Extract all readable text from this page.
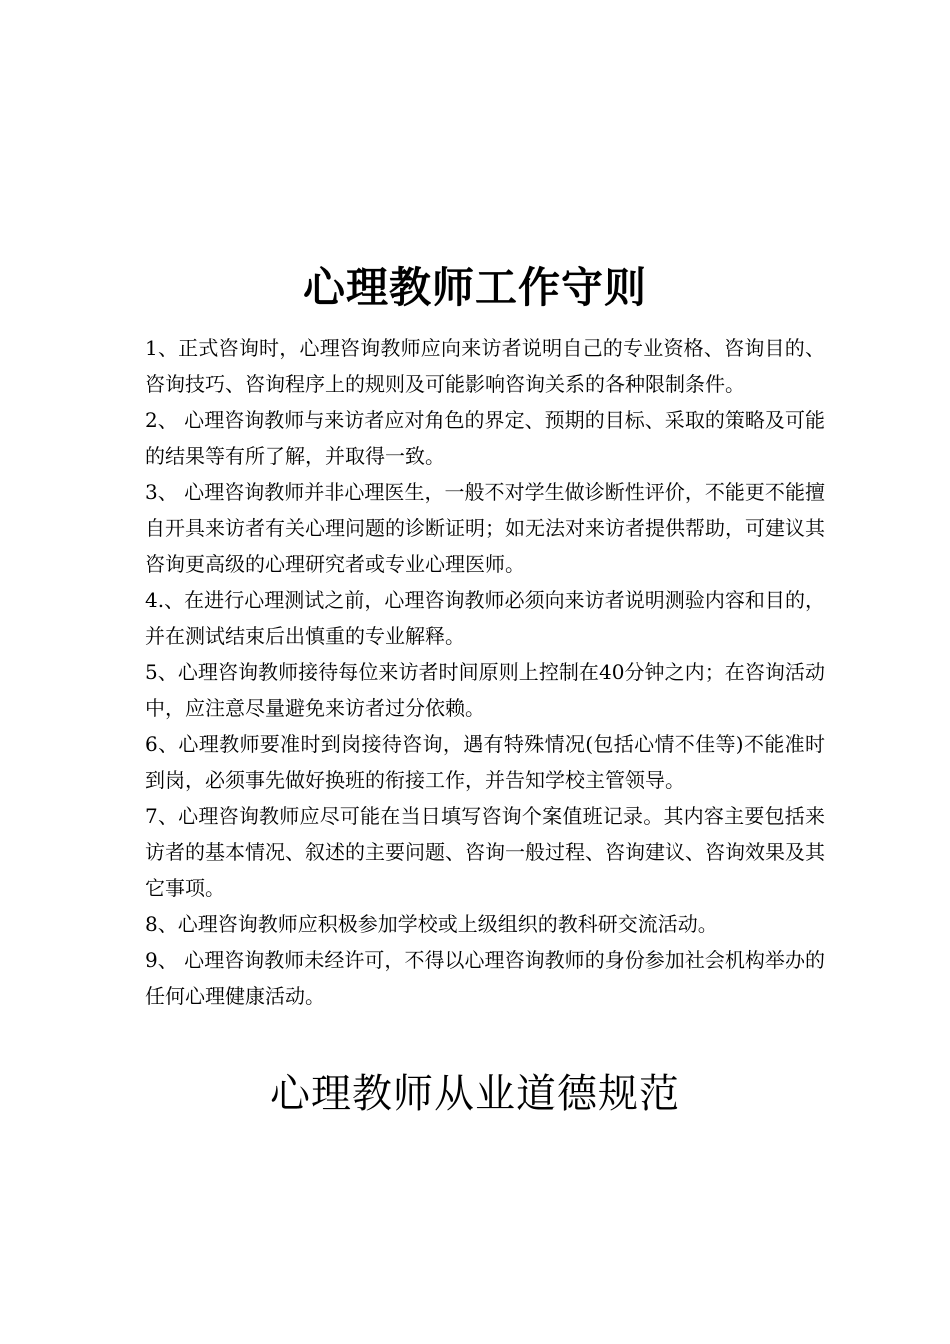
心理教师工作守则

1、正式咨询时，心理咨询教师应向来访者说明自己的专业资格、咨询目的、咨询技巧、咨询程序上的规则及可能影响咨询关系的各种限制条件。

2、 心理咨询教师与来访者应对角色的界定、预期的目标、采取的策略及可能的结果等有所了解，并取得一致。

3、 心理咨询教师并非心理医生，一般不对学生做诊断性评价，不能更不能擅自开具来访者有关心理问题的诊断证明；如无法对来访者提供帮助，可建议其咨询更高级的心理研究者或专业心理医师。

4.、在进行心理测试之前，心理咨询教师必须向来访者说明测验内容和目的，并在测试结束后出慎重的专业解释。

5、心理咨询教师接待每位来访者时间原则上控制在40分钟之内；在咨询活动中，应注意尽量避免来访者过分依赖。

6、心理教师要准时到岗接待咨询，遇有特殊情况(包括心情不佳等)不能准时到岗，必须事先做好换班的衔接工作，并告知学校主管领导。

7、心理咨询教师应尽可能在当日填写咨询个案值班记录。其内容主要包括来访者的基本情况、叙述的主要问题、咨询一般过程、咨询建议、咨询效果及其它事项。

8、心理咨询教师应积极参加学校或上级组织的教科研交流活动。

9、 心理咨询教师未经许可，不得以心理咨询教师的身份参加社会机构举办的任何心理健康活动。

心理教师从业道德规范
